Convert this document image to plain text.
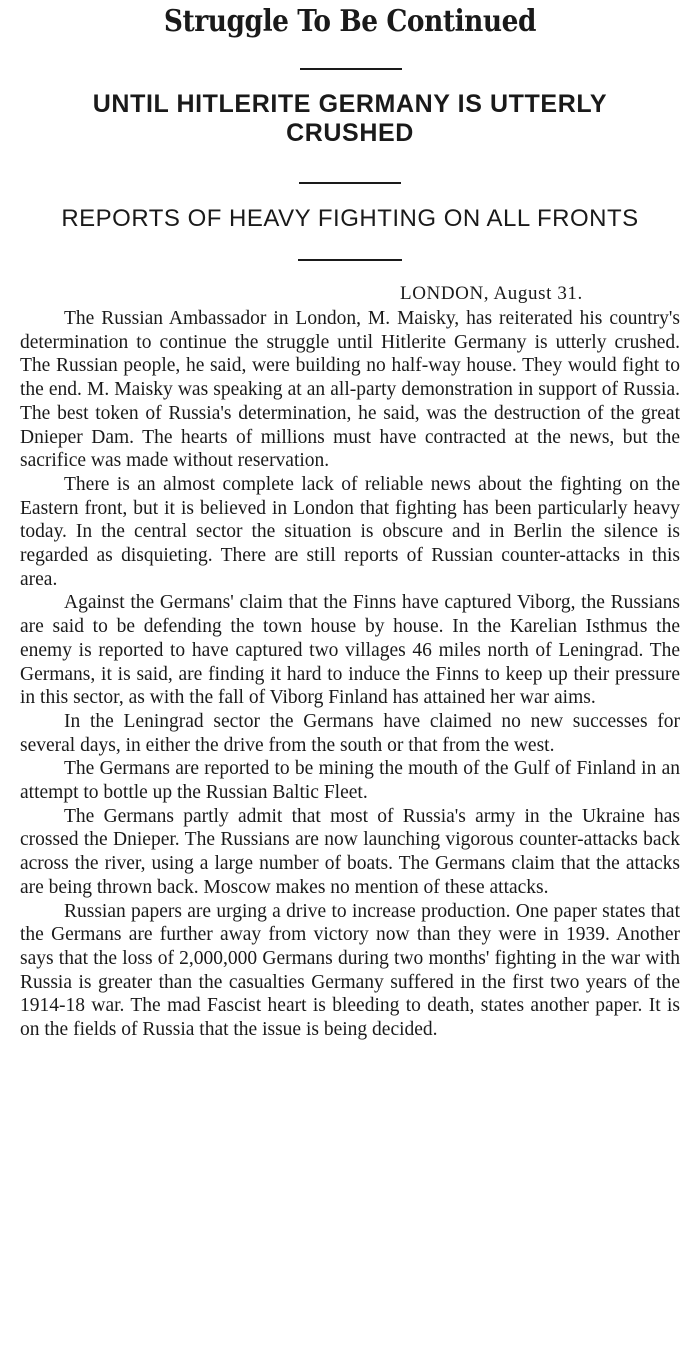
Struggle To Be Continued
UNTIL HITLERITE GERMANY IS UTTERLY CRUSHED
REPORTS OF HEAVY FIGHTING ON ALL FRONTS
LONDON, August 31.

The Russian Ambassador in London, M. Maisky, has reiterated his country's determination to continue the struggle until Hitlerite Germany is utterly crushed. The Russian people, he said, were building no half-way house. They would fight to the end. M. Maisky was speaking at an all-party demonstration in support of Russia. The best token of Russia's determination, he said, was the destruction of the great Dnieper Dam. The hearts of millions must have contracted at the news, but the sacrifice was made without reservation.

There is an almost complete lack of reliable news about the fighting on the Eastern front, but it is believed in London that fighting has been particularly heavy today. In the central sector the situation is obscure and in Berlin the silence is regarded as disquieting. There are still reports of Russian counter-attacks in this area.

Against the Germans' claim that the Finns have captured Viborg, the Russians are said to be defending the town house by house. In the Karelian Isthmus the enemy is reported to have captured two villages 46 miles north of Leningrad. The Germans, it is said, are finding it hard to induce the Finns to keep up their pressure in this sector, as with the fall of Viborg Finland has attained her war aims.

In the Leningrad sector the Germans have claimed no new successes for several days, in either the drive from the south or that from the west.

The Germans are reported to be mining the mouth of the Gulf of Finland in an attempt to bottle up the Russian Baltic Fleet.

The Germans partly admit that most of Russia's army in the Ukraine has crossed the Dnieper. The Russians are now launching vigorous counter-attacks back across the river, using a large number of boats. The Germans claim that the attacks are being thrown back. Moscow makes no mention of these attacks.

Russian papers are urging a drive to increase production. One paper states that the Germans are further away from victory now than they were in 1939. Another says that the loss of 2,000,000 Germans during two months' fighting in the war with Russia is greater than the casualties Germany suffered in the first two years of the 1914-18 war. The mad Fascist heart is bleeding to death, states another paper. It is on the fields of Russia that the issue is being decided.
